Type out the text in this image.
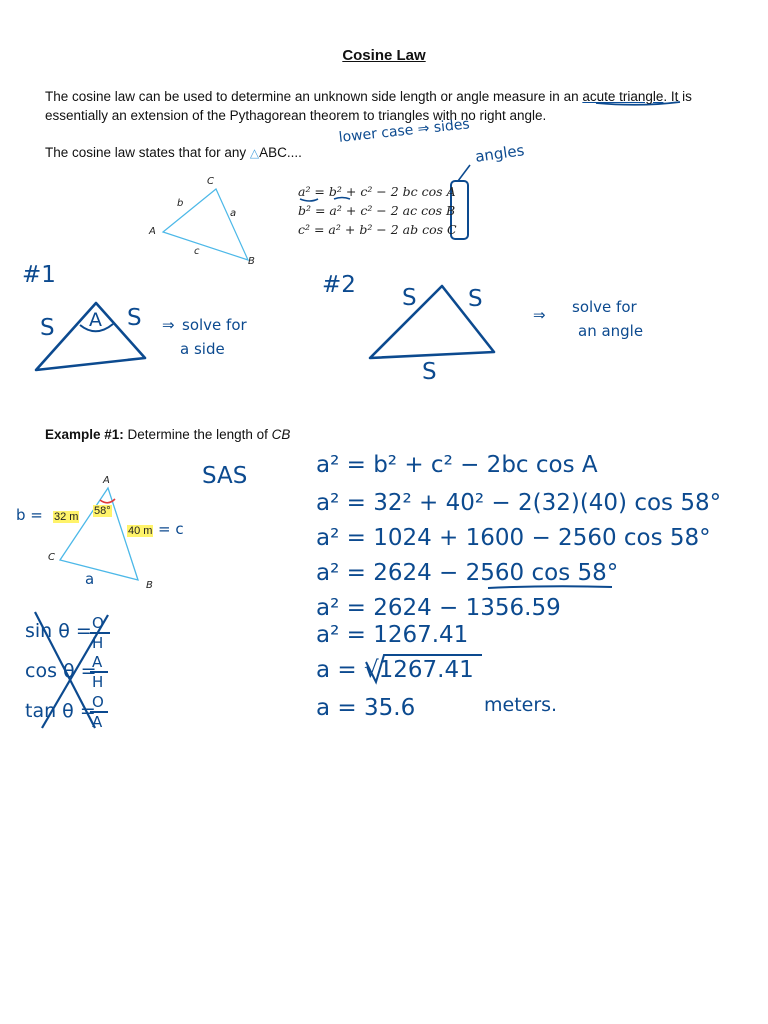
Cosine Law
The cosine law can be used to determine an unknown side length or angle measure in an acute triangle. It is essentially an extension of the Pythagorean theorem to triangles with no right angle.
The cosine law states that for any △ABC....
lower case ⇒ sides
angles
C
A
B
b
a
c
a² = b² + c² − 2 bc cos A
b² = a² + c² − 2 ac cos B
c² = a² + b² − 2 ab cos C
#1
S A S ⇒ solve for
a side
#2 S S
S
⇒ solve for
an angle
Example #1: Determine the length of CB
A
C
B
32 m 58°
40 m
b =
= c
a
SAS	a² = b² + c² − 2bc cos A
a² = 32² + 40² − 2(32)(40) cos 58°
a² = 1024 + 1600 − 2560 cos 58°
a² = 2624 − 2560 cos 58°
a² = 2624 − 1356.59
a² = 1267.41
a = √1267.41
a = 35.6	meters.
sin θ = O
H
cos θ =
A
H
tan θ =
O
A
